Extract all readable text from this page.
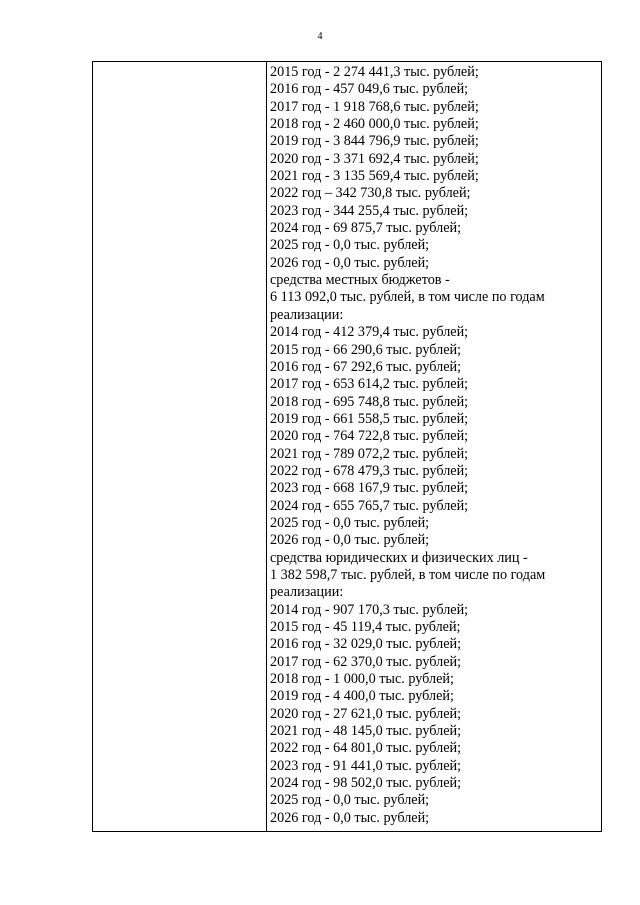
4
2015 год - 2 274 441,3 тыс. рублей;
2016 год - 457 049,6 тыс. рублей;
2017 год - 1 918 768,6 тыс. рублей;
2018 год - 2 460 000,0 тыс. рублей;
2019 год - 3 844 796,9 тыс. рублей;
2020 год - 3 371 692,4 тыс. рублей;
2021 год - 3 135 569,4 тыс. рублей;
2022 год – 342 730,8 тыс. рублей;
2023 год - 344 255,4 тыс. рублей;
2024 год - 69 875,7 тыс. рублей;
2025 год - 0,0 тыс. рублей;
2026 год - 0,0 тыс. рублей;
средства местных бюджетов -
6 113 092,0 тыс. рублей, в том числе по годам
реализации:
2014 год - 412 379,4 тыс. рублей;
2015 год - 66 290,6 тыс. рублей;
2016 год - 67 292,6 тыс. рублей;
2017 год - 653 614,2 тыс. рублей;
2018 год - 695 748,8 тыс. рублей;
2019 год - 661 558,5 тыс. рублей;
2020 год - 764 722,8 тыс. рублей;
2021 год - 789 072,2 тыс. рублей;
2022 год - 678 479,3 тыс. рублей;
2023 год - 668 167,9 тыс. рублей;
2024 год - 655 765,7 тыс. рублей;
2025 год - 0,0 тыс. рублей;
2026 год - 0,0 тыс. рублей;
средства юридических и физических лиц -
1 382 598,7 тыс. рублей, в том числе по годам
реализации:
2014 год - 907 170,3 тыс. рублей;
2015 год - 45 119,4 тыс. рублей;
2016 год - 32 029,0 тыс. рублей;
2017 год - 62 370,0 тыс. рублей;
2018 год - 1 000,0 тыс. рублей;
2019 год - 4 400,0 тыс. рублей;
2020 год - 27 621,0 тыс. рублей;
2021 год - 48 145,0 тыс. рублей;
2022 год - 64 801,0 тыс. рублей;
2023 год - 91 441,0 тыс. рублей;
2024 год - 98 502,0 тыс. рублей;
2025 год - 0,0 тыс. рублей;
2026 год - 0,0 тыс. рублей;
